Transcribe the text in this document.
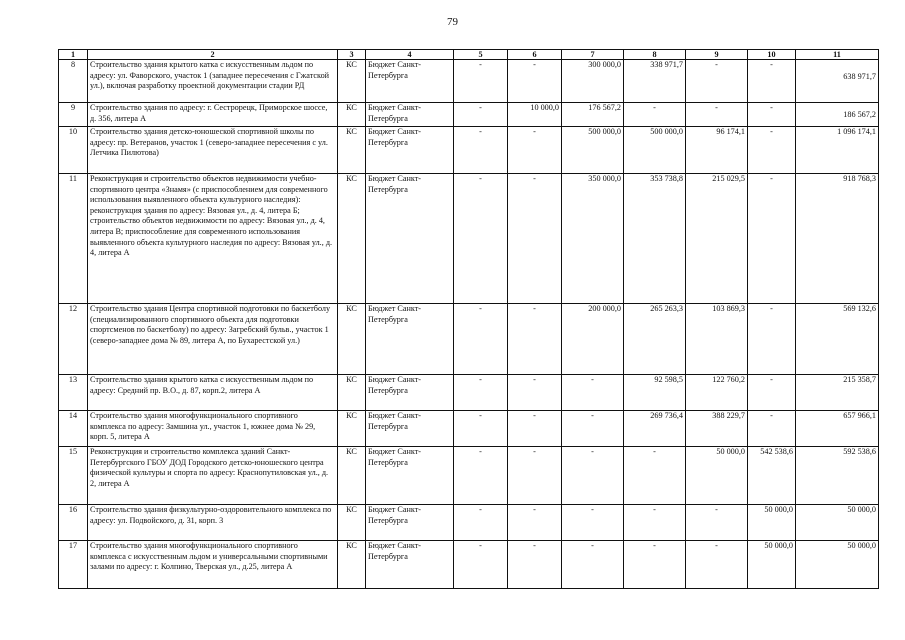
79
1	2	3	4	5	6	7	8	9	10	11
8	Строительство здания крытого катка с искусственным льдом по адресу: ул. Фаворского, участок 1 (западнее пересечения с Гжатской ул.), включая разработку проектной документации стадии РД	КС	Бюджет Санкт-Петербурга	-	-	300 000,0	338 971,7	-	-	638 971,7
9	Строительство здания по адресу: г. Сестрорецк, Приморское шоссе, д. 356, литера А	КС	Бюджет Санкт-Петербурга	-	10 000,0	176 567,2	-	-	-	186 567,2
10	Строительство здания детско-юношеской спортивной школы по адресу: пр. Ветеранов, участок 1 (северо-западнее пересечения с ул. Летчика Пилютова)	КС	Бюджет Санкт-Петербурга	-	-	500 000,0	500 000,0	96 174,1	-	1 096 174,1
11	Реконструкция и строительство объектов недвижимости учебно-спортивного центра «Знамя» (с приспособлением для современного использования выявленного объекта культурного наследия): реконструкция здания по адресу: Вязовая ул., д. 4, литера Б; строительство объектов недвижимости по адресу: Вязовая ул., д. 4, литера В; приспособление для современного использования выявленного объекта культурного наследия по адресу: Вязовая ул., д. 4, литера А	КС	Бюджет Санкт-Петербурга	-	-	350 000,0	353 738,8	215 029,5	-	918 768,3
12	Строительство здания Центра спортивной подготовки по баскетболу (специализированного спортивного объекта для подготовки спортсменов по баскетболу) по адресу: Загребский бульв., участок 1 (северо-западнее дома № 89, литера А, по Бухарестской ул.)	КС	Бюджет Санкт-Петербурга	-	-	200 000,0	265 263,3	103 869,3	-	569 132,6
13	Строительство здания крытого катка с искусственным льдом по адресу: Средний пр. В.О., д. 87, корп.2, литера А	КС	Бюджет Санкт-Петербурга	-	-	-	92 598,5	122 760,2	-	215 358,7
14	Строительство здания многофункционального спортивного комплекса по адресу: Замшина ул., участок 1, южнее дома № 29, корп. 5, литера А	КС	Бюджет Санкт-Петербурга	-	-	-	269 736,4	388 229,7	-	657 966,1
15	Реконструкция и строительство комплекса зданий Санкт-Петербургского ГБОУ ДОД Городского детско-юношеского центра физической культуры и спорта по адресу: Краснопутиловская ул., д. 2, литера А	КС	Бюджет Санкт-Петербурга	-	-	-	-	50 000,0	542 538,6	592 538,6
16	Строительство здания физкультурно-оздоровительного комплекса по адресу: ул. Подвойского, д. 31, корп. 3	КС	Бюджет Санкт-Петербурга	-	-	-	-	-	50 000,0	50 000,0
17	Строительство здания многофункционального спортивного комплекса с искусственным льдом и универсальными спортивными залами по адресу: г. Колпино, Тверская ул., д.25, литера А	КС	Бюджет Санкт-Петербурга	-	-	-	-	-	50 000,0	50 000,0
